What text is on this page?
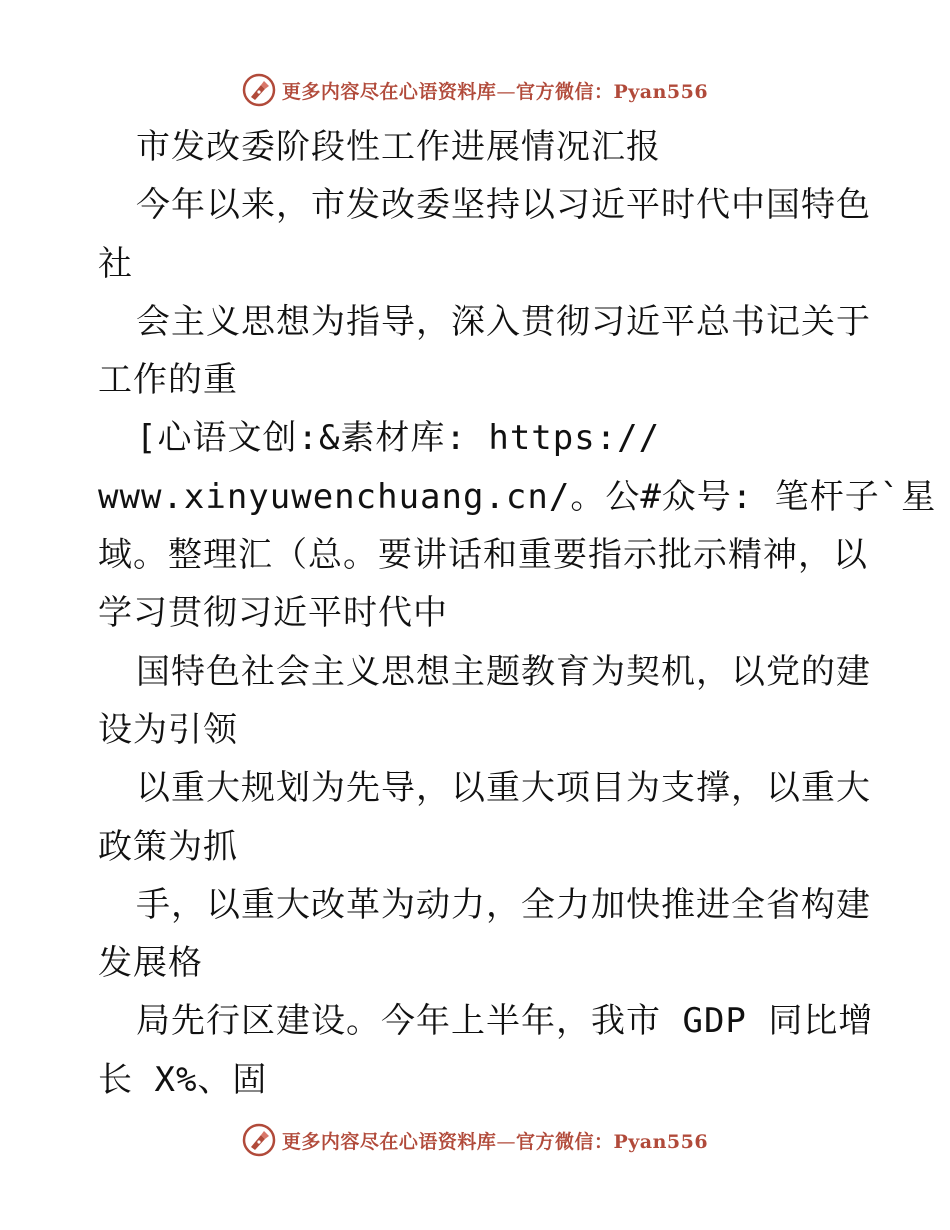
更多内容尽在心语资料库—官方微信：Pyan556
市发改委阶段性工作进展情况汇报
今年以来，市发改委坚持以习近平时代中国特色
社
会主义思想为指导，深入贯彻习近平总书记关于
工作的重
[心语文创:&素材库: https://
www.xinyuwenchuang.cn/。公#众号: 笔杆子`星
域。整理汇（总。要讲话和重要指示批示精神，以
学习贯彻习近平时代中
国特色社会主义思想主题教育为契机，以党的建
设为引领
以重大规划为先导，以重大项目为支撑，以重大
政策为抓
手，以重大改革为动力，全力加快推进全省构建
发展格
局先行区建设。今年上半年，我市 GDP 同比增
长 X%、固
更多内容尽在心语资料库—官方微信：Pyan556
